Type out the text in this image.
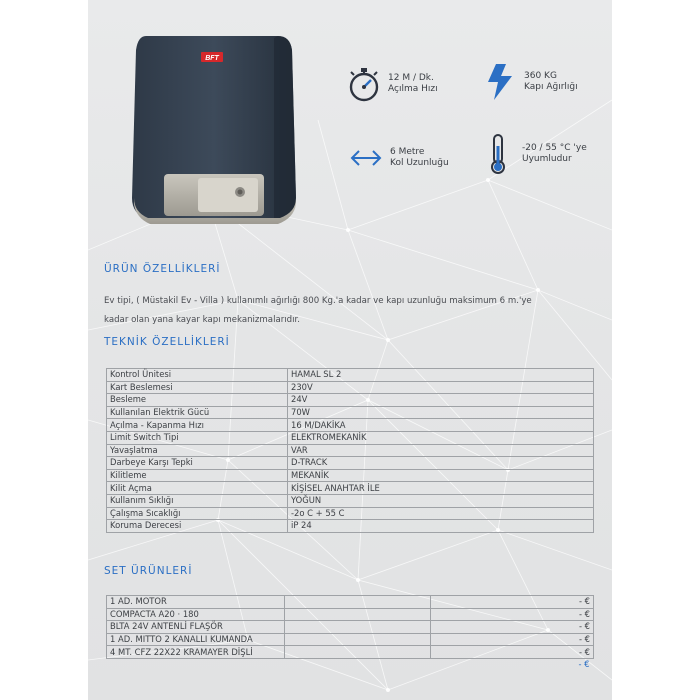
BFT
12 M / Dk.
Açılma Hızı
360 KG
Kapı Ağırlığı
6 Metre
Kol Uzunluğu
-20 / 55 °C 'ye
Uyumludur
ÜRÜN ÖZELLİKLERİ
Ev tipi, ( Müstakil Ev - Villa ) kullanımlı ağırlığı 800 Kg.'a kadar ve kapı uzunluğu maksimum 6 m.'ye
kadar olan yana kayar kapı mekanizmalarıdır.
TEKNİK ÖZELLİKLERİ
Kontrol Ünitesi	HAMAL SL 2
Kart Beslemesi	230V
Besleme	24V
Kullanılan Elektrik Gücü	70W
Açılma - Kapanma Hızı	16 M/DAKİKA
Limit Switch Tipi	ELEKTROMEKANİK
Yavaşlatma	VAR
Darbeye Karşı Tepki	D-TRACK
Kilitleme	MEKANİK
Kilit Açma	KİŞİSEL ANAHTAR İLE
Kullanım Sıklığı	YOĞUN
Çalışma Sıcaklığı	-2o C + 55 C
Koruma Derecesi	iP 24
SET ÜRÜNLERİ
1 AD. MOTOR		- €
COMPACTA A20 · 180		- €
BLTA 24V ANTENLİ FLAŞÖR		- €
1 AD. MITTO 2 KANALLI KUMANDA		- €
4 MT. CFZ 22X22 KRAMAYER DİŞLİ		- €
		- €
